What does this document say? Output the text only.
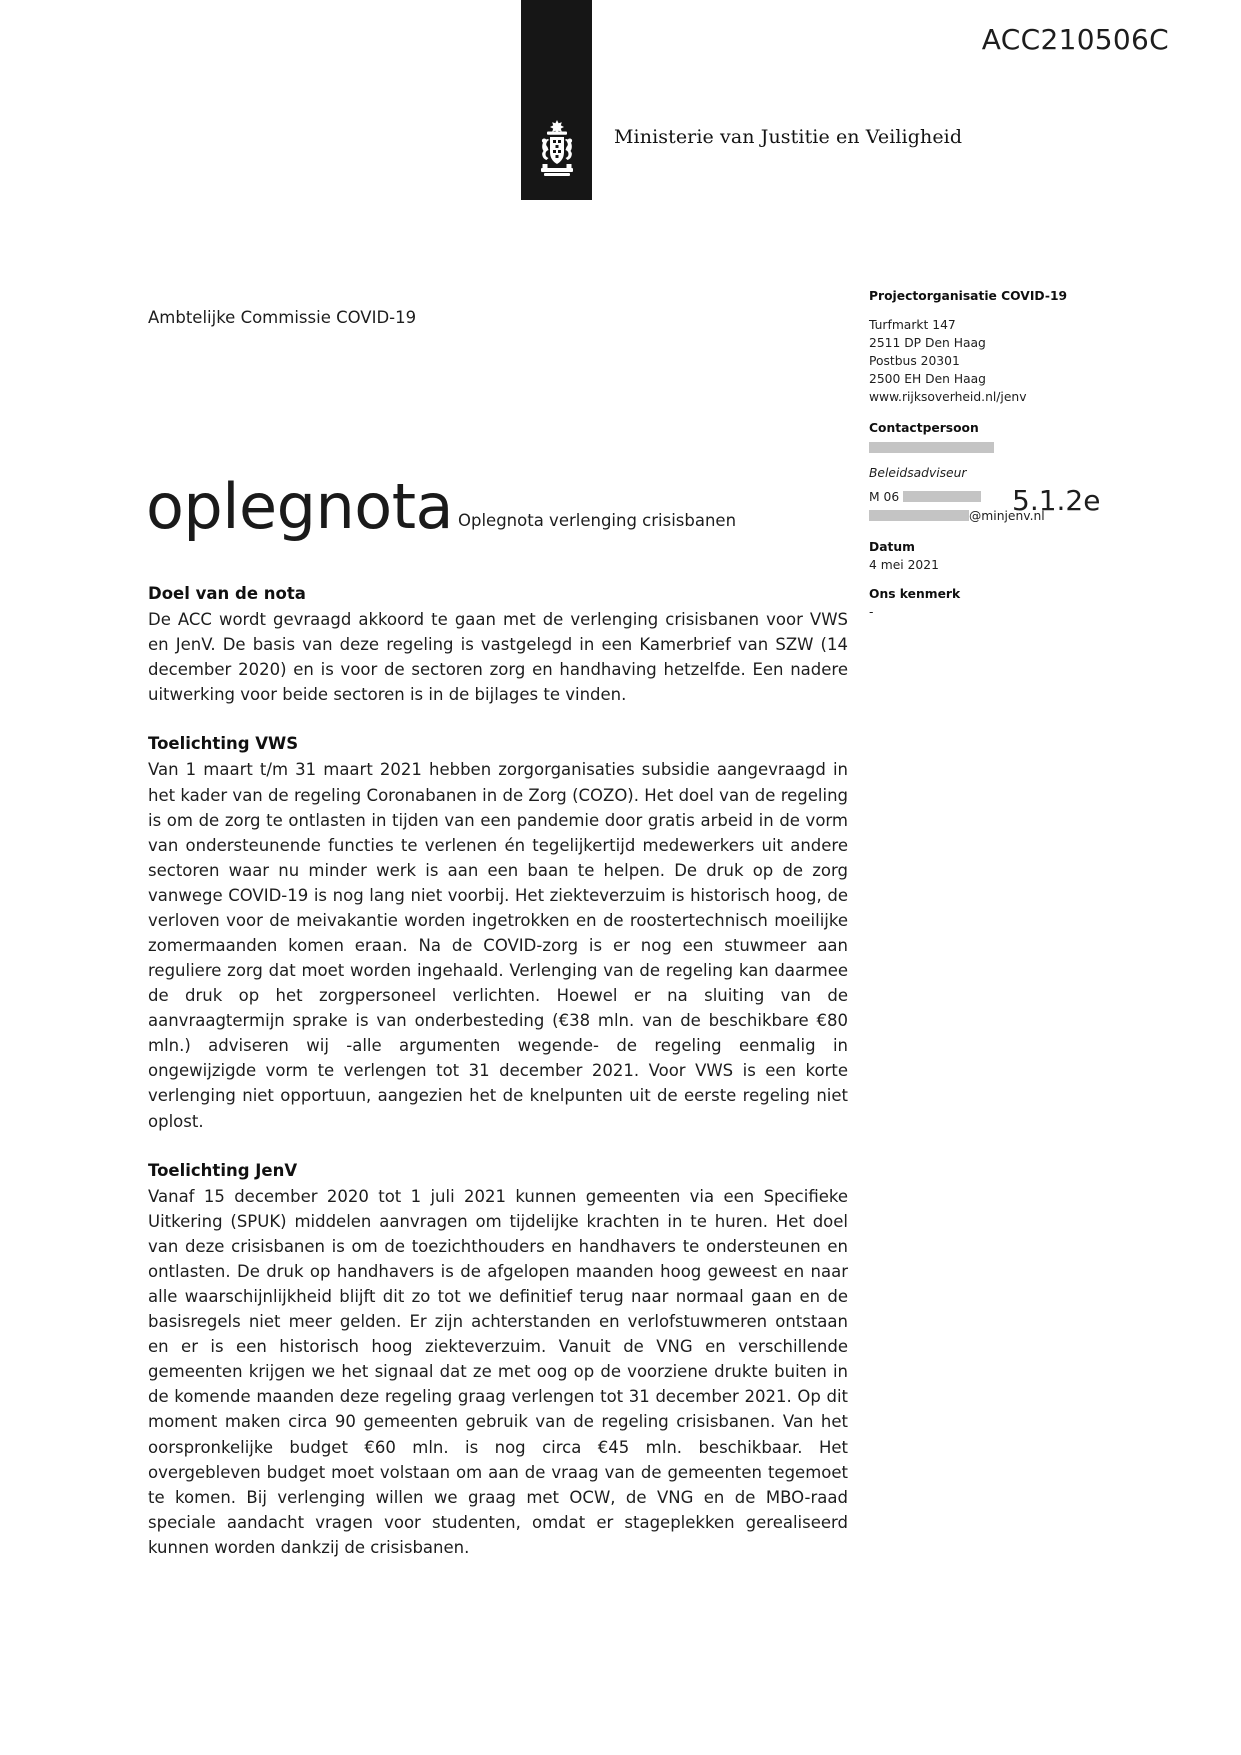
Ministerie van Justitie en Veiligheid
ACC210506C
Ambtelijke Commissie COVID-19
oplegnota Oplegnota verlenging crisisbanen

Projectorganisatie COVID-19

Turfmarkt 147
2511 DP Den Haag
Postbus 20301
2500 EH Den Haag
www.rijksoverheid.nl/jenv

Contactpersoon

Beleidsadviseur

M 06

@minjenv.nl

Datum

4 mei 2021

Ons kenmerk

-

5.1.2e
Doel van de nota

De ACC wordt gevraagd akkoord te gaan met de verlenging crisisbanen voor VWS en JenV. De basis van deze regeling is vastgelegd in een Kamerbrief van SZW (14 december 2020) en is voor de sectoren zorg en handhaving hetzelfde. Een nadere uitwerking voor beide sectoren is in de bijlages te vinden.

Toelichting VWS

Van 1 maart t/m 31 maart 2021 hebben zorgorganisaties subsidie aangevraagd in het kader van de regeling Coronabanen in de Zorg (COZO). Het doel van de regeling is om de zorg te ontlasten in tijden van een pandemie door gratis arbeid in de vorm van ondersteunende functies te verlenen én tegelijkertijd medewerkers uit andere sectoren waar nu minder werk is aan een baan te helpen. De druk op de zorg vanwege COVID-19 is nog lang niet voorbij. Het ziekteverzuim is historisch hoog, de verloven voor de meivakantie worden ingetrokken en de roostertechnisch moeilijke zomermaanden komen eraan. Na de COVID-zorg is er nog een stuwmeer aan reguliere zorg dat moet worden ingehaald. Verlenging van de regeling kan daarmee de druk op het zorgpersoneel verlichten. Hoewel er na sluiting van de aanvraagtermijn sprake is van onderbesteding (€38 mln. van de beschikbare €80 mln.) adviseren wij -alle argumenten wegende- de regeling eenmalig in ongewijzigde vorm te verlengen tot 31 december 2021. Voor VWS is een korte verlenging niet opportuun, aangezien het de knelpunten uit de eerste regeling niet oplost.

Toelichting JenV

Vanaf 15 december 2020 tot 1 juli 2021 kunnen gemeenten via een Specifieke Uitkering (SPUK) middelen aanvragen om tijdelijke krachten in te huren. Het doel van deze crisisbanen is om de toezichthouders en handhavers te ondersteunen en ontlasten. De druk op handhavers is de afgelopen maanden hoog geweest en naar alle waarschijnlijkheid blijft dit zo tot we definitief terug naar normaal gaan en de basisregels niet meer gelden. Er zijn achterstanden en verlofstuwmeren ontstaan en er is een historisch hoog ziekteverzuim. Vanuit de VNG en verschillende gemeenten krijgen we het signaal dat ze met oog op de voorziene drukte buiten in de komende maanden deze regeling graag verlengen tot 31 december 2021. Op dit moment maken circa 90 gemeenten gebruik van de regeling crisisbanen. Van het oorspronkelijke budget €60 mln. is nog circa €45 mln. beschikbaar. Het overgebleven budget moet volstaan om aan de vraag van de gemeenten tegemoet te komen. Bij verlenging willen we graag met OCW, de VNG en de MBO-raad speciale aandacht vragen voor studenten, omdat er stageplekken gerealiseerd kunnen worden dankzij de crisisbanen.
